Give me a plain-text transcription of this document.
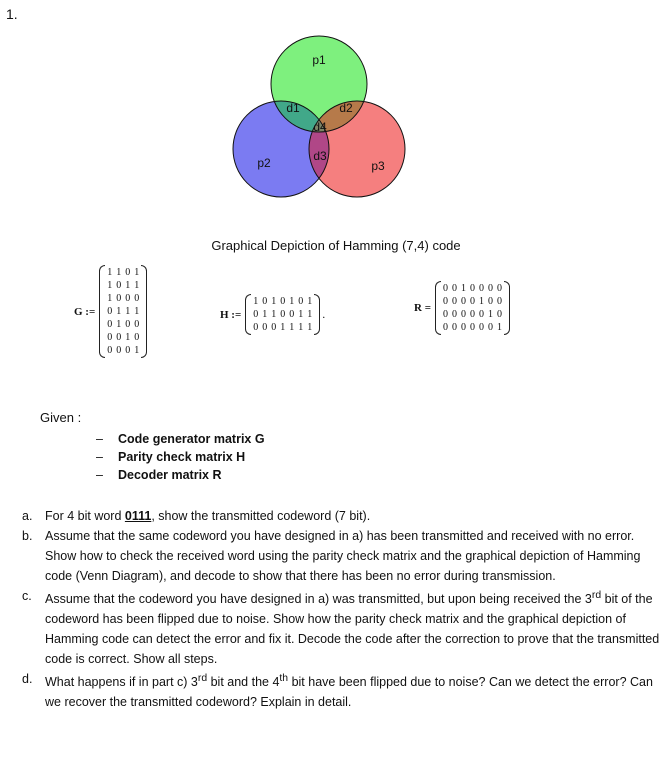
1.
p1
p2	p3
d1	d2
d3
d4
Graphical Depiction of Hamming (7,4) code
G :=
1	1	0	1
1	0	1	1
1	0	0	0
0	1	1	1
0	1	0	0
0	0	1	0
0	0	0	1
H :=
1	0	1	0	1	0	1
0	1	1	0	0	1	1
0	0	0	1	1	1	1
.	R =
0	0	1	0	0	0	0
0	0	0	0	1	0	0
0	0	0	0	0	1	0
0	0	0	0	0	0	1
Given :
– Code generator matrix G
– Parity check matrix H
– Decoder matrix R
a.	For 4 bit word 0111, show the transmitted codeword (7 bit).
b.	Assume that the same codeword you have designed in a) has been transmitted and received with no error. Show how to check the received word using the parity check matrix and the graphical depiction of Hamming code (Venn Diagram), and decode to show that there has been no error during transmission.
c.	Assume that the codeword you have designed in a) was transmitted, but upon being received the 3rd bit of the codeword has been flipped due to noise. Show how the parity check matrix and the graphical depiction of Hamming code can detect the error and fix it. Decode the code after the correction to prove that the transmitted code is correct. Show all steps.
d.	What happens if in part c) 3rd bit and the 4th bit have been flipped due to noise? Can we detect the error? Can we recover the transmitted codeword? Explain in detail.
